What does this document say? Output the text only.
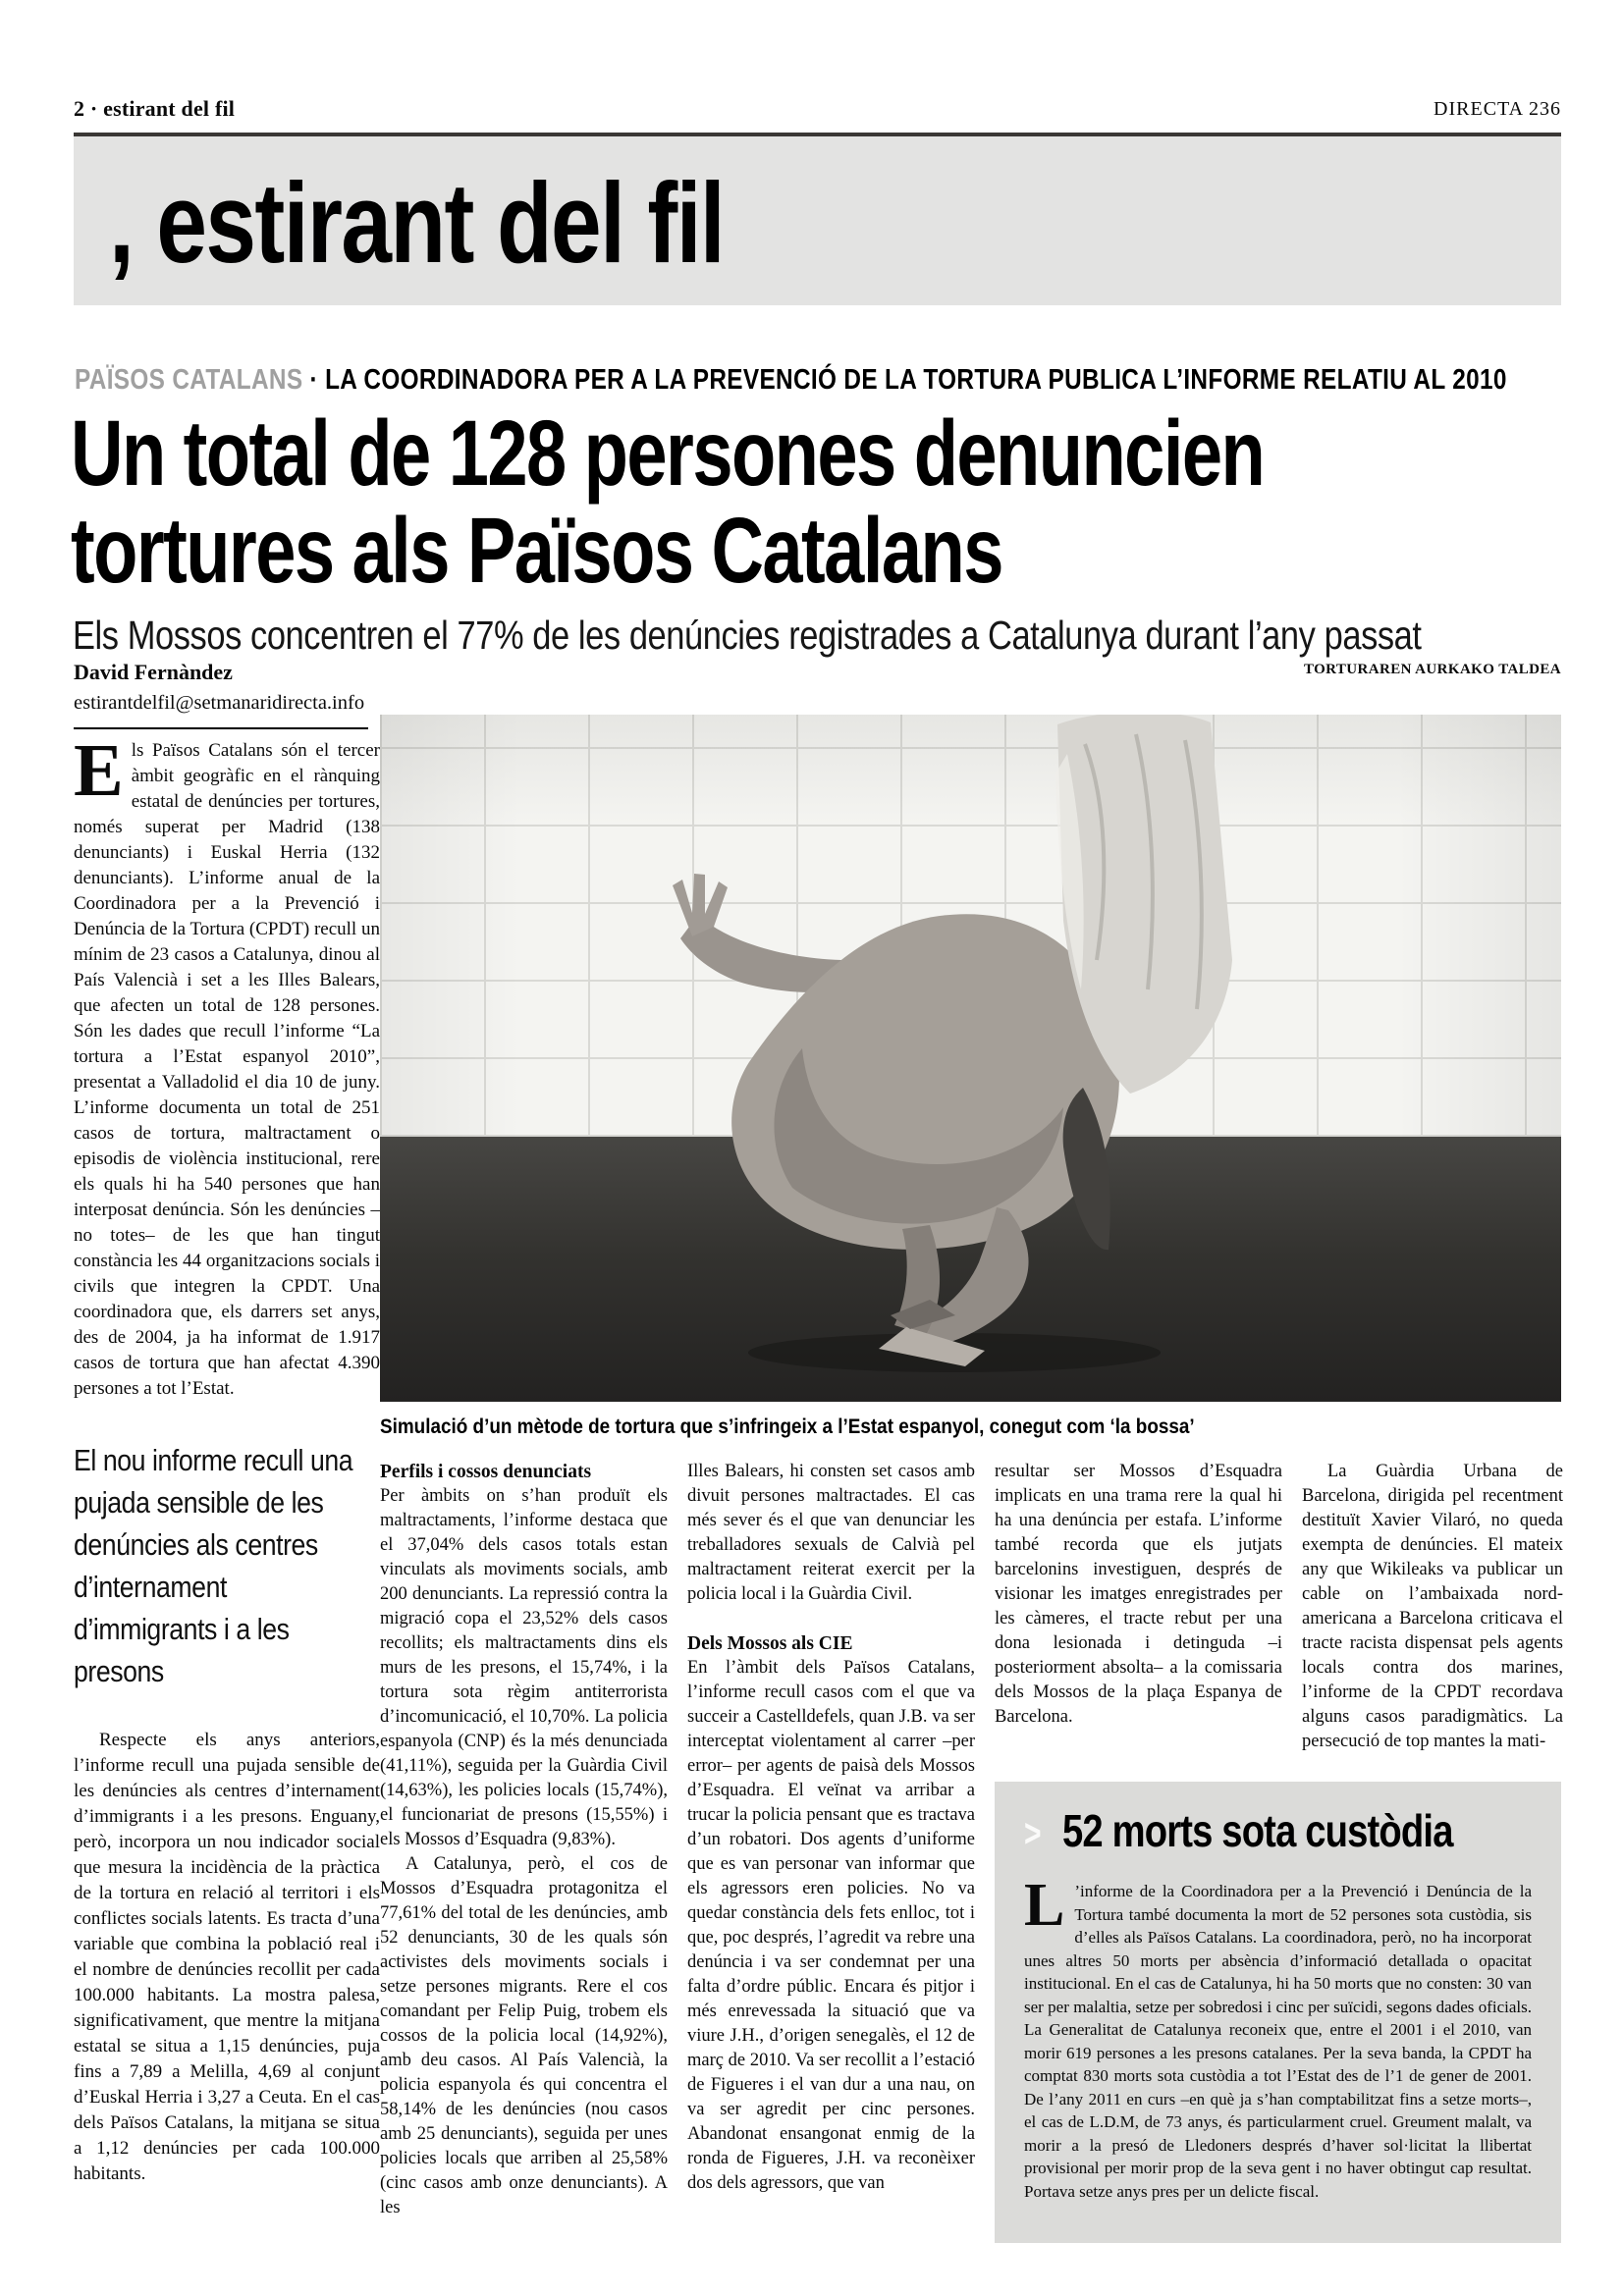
2 · estirant del fil	DIRECTA 236
, estirant del fil
PAÏSOS CATALANS · LA COORDINADORA PER A LA PREVENCIÓ DE LA TORTURA PUBLICA L’INFORME RELATIU AL 2010
Un total de 128 persones denuncien
tortures als Països Catalans
Els Mossos concentren el 77% de les denúncies registrades a Catalunya durant l’any passat
David Fernàndez
estirantdelfil@setmanaridirecta.info
TORTURAREN AURKAKO TALDEA
Simulació d’un mètode de tortura que s’infringeix a l’Estat espanyol, conegut com ‘la bossa’

Els Països Catalans són el tercer àmbit geogràfic en el rànquing estatal de denúncies per tortures, només superat per Madrid (138 denunciants) i Euskal Herria (132 denunciants). L’informe anual de la Coordinadora per a la Prevenció i Denúncia de la Tortura (CPDT) recull un mínim de 23 casos a Catalunya, dinou al País Valencià i set a les Illes Balears, que afecten un total de 128 persones. Són les dades que recull l’informe “La tortura a l’Estat espanyol 2010”, presentat a Valladolid el dia 10 de juny. L’informe documenta un total de 251 casos de tortura, maltractament o episodis de violència institucional, rere els quals hi ha 540 persones que han interposat denúncia. Són les denúncies –no totes– de les que han tingut constància les 44 organitzacions socials i civils que integren la CPDT. Una coordinadora que, els darrers set anys, des de 2004, ja ha informat de 1.917 casos de tortura que han afectat 4.390 persones a tot l’Estat.

El nou informe recull una pujada sensible de les denúncies als centres d’internament d’immigrants i a les presons

Respecte els anys anteriors, l’informe recull una pujada sensible de les denúncies als centres d’internament d’immigrants i a les presons. Enguany, però, incorpora un nou indicador social que mesura la incidència de la pràctica de la tortura en relació al territori i els conflictes socials latents. Es tracta d’una variable que combina la població real i el nombre de denúncies recollit per cada 100.000 habitants. La mostra palesa, significativament, que mentre la mitjana estatal se situa a 1,15 denúncies, puja fins a 7,89 a Melilla, 4,69 al conjunt d’Euskal Herria i 3,27 a Ceuta. En el cas dels Països Catalans, la mitjana se situa a 1,12 denúncies per cada 100.000 habitants.

Perfils i cossos denunciats

Per àmbits on s’han produït els maltractaments, l’informe destaca que el 37,04% dels casos totals estan vinculats als moviments socials, amb 200 denunciants. La repressió contra la migració copa el 23,52% dels casos recollits; els maltractaments dins els murs de les presons, el 15,74%, i la tortura sota règim antiterrorista d’incomunicació, el 10,70%. La policia espanyola (CNP) és la més denunciada (41,11%), seguida per la Guàrdia Civil (14,63%), les policies locals (15,74%), el funcionariat de presons (15,55%) i els Mossos d’Esquadra (9,83%).

A Catalunya, però, el cos de Mossos d’Esquadra protagonitza el 77,61% del total de les denúncies, amb 52 denunciants, 30 de les quals són activistes dels moviments socials i setze persones migrants. Rere el cos comandant per Felip Puig, trobem els cossos de la policia local (14,92%), amb deu casos. Al País Valencià, la policia espanyola és qui concentra el 58,14% de les denúncies (nou casos amb 25 denunciants), seguida per unes policies locals que arriben al 25,58% (cinc casos amb onze denunciants). A les

Illes Balears, hi consten set casos amb divuit persones maltractades. El cas més sever és el que van denunciar les treballadores sexuals de Calvià pel maltractament reiterat exercit per la policia local i la Guàrdia Civil.

Dels Mossos als CIE

En l’àmbit dels Països Catalans, l’informe recull casos com el que va succeir a Castelldefels, quan J.B. va ser interceptat violentament al carrer –per error– per agents de paisà dels Mossos d’Esquadra. El veïnat va arribar a trucar la policia pensant que es tractava d’un robatori. Dos agents d’uniforme que es van personar van informar que els agressors eren policies. No va quedar constància dels fets enlloc, tot i que, poc després, l’agredit va rebre una denúncia i va ser condemnat per una falta d’ordre públic. Encara és pitjor i més enrevessada la situació que va viure J.H., d’origen senegalès, el 12 de març de 2010. Va ser recollit a l’estació de Figueres i el van dur a una nau, on va ser agredit per cinc persones. Abandonat ensangonat enmig de la ronda de Figueres, J.H. va reconèixer dos dels agressors, que van

resultar ser Mossos d’Esquadra implicats en una trama rere la qual hi ha una denúncia per estafa. L’informe també recorda que els jutjats barcelonins investiguen, després de visionar les imatges enregistrades per les càmeres, el tracte rebut per una dona lesionada i detinguda –i posteriorment absolta– a la comissaria dels Mossos de la plaça Espanya de Barcelona.

La Guàrdia Urbana de Barcelona, dirigida pel recentment destituït Xavier Vilaró, no queda exempta de denúncies. El mateix any que Wikileaks va publicar un cable on l’ambaixada nord-americana a Barcelona criticava el tracte racista dispensat pels agents locals contra dos marines, l’informe de la CPDT recordava alguns casos paradigmàtics. La persecució de top mantes la mati-

> 52 morts sota custòdia

L ’informe de la Coordinadora per a la Prevenció i Denúncia de la Tortura també documenta la mort de 52 persones sota custòdia, sis d’elles als Països Catalans. La coordinadora, però, no ha incorporat unes altres 50 morts per absència d’informació detallada o opacitat institucional. En el cas de Catalunya, hi ha 50 morts que no consten: 30 van ser per malaltia, setze per sobredosi i cinc per suïcidi, segons dades oficials. La Generalitat de Catalunya reconeix que, entre el 2001 i el 2010, van morir 619 persones a les presons catalanes. Per la seva banda, la CPDT ha comptat 830 morts sota custòdia a tot l’Estat des de l’1 de gener de 2001. De l’any 2011 en curs –en què ja s’han comptabilitzat fins a setze morts–, el cas de L.D.M, de 73 anys, és particularment cruel. Greument malalt, va morir a la presó de Lledoners després d’haver sol·licitat la llibertat provisional per morir prop de la seva gent i no haver obtingut cap resultat. Portava setze anys pres per un delicte fiscal.
